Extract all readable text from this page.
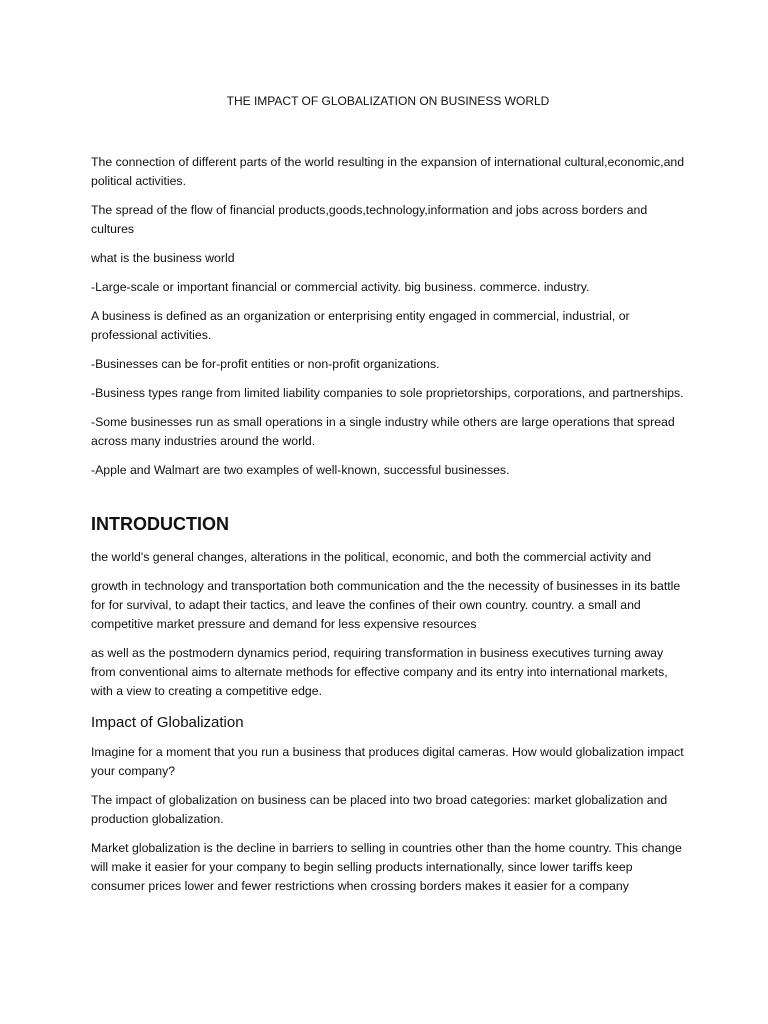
THE IMPACT OF GLOBALIZATION ON BUSINESS WORLD

The connection of different parts of the world resulting in the expansion of international cultural,economic,and political activities.

The spread of the flow of financial products,goods,technology,information and jobs across borders and cultures

what is the business world

-Large-scale or important financial or commercial activity. big business. commerce. industry.

A business is defined as an organization or enterprising entity engaged in commercial, industrial, or professional activities.

-Businesses can be for-profit entities or non-profit organizations.

-Business types range from limited liability companies to sole proprietorships, corporations, and partnerships.

-Some businesses run as small operations in a single industry while others are large operations that spread across many industries around the world.

-Apple and Walmart are two examples of well-known, successful businesses.

INTRODUCTION

the world's general changes, alterations in the political, economic, and both the commercial activity and

growth in technology and transportation both communication and the the necessity of businesses in its battle for for survival, to adapt their tactics, and leave the confines of their own country. country. a small and competitive market pressure and demand for less expensive resources

as well as the postmodern dynamics period, requiring transformation in business executives turning away from conventional aims to alternate methods for effective company and its entry into international markets, with a view to creating a competitive edge.

Impact of Globalization

Imagine for a moment that you run a business that produces digital cameras. How would globalization impact your company?

The impact of globalization on business can be placed into two broad categories: market globalization and production globalization.

Market globalization is the decline in barriers to selling in countries other than the home country. This change will make it easier for your company to begin selling products internationally, since lower tariffs keep consumer prices lower and fewer restrictions when crossing borders makes it easier for a company
